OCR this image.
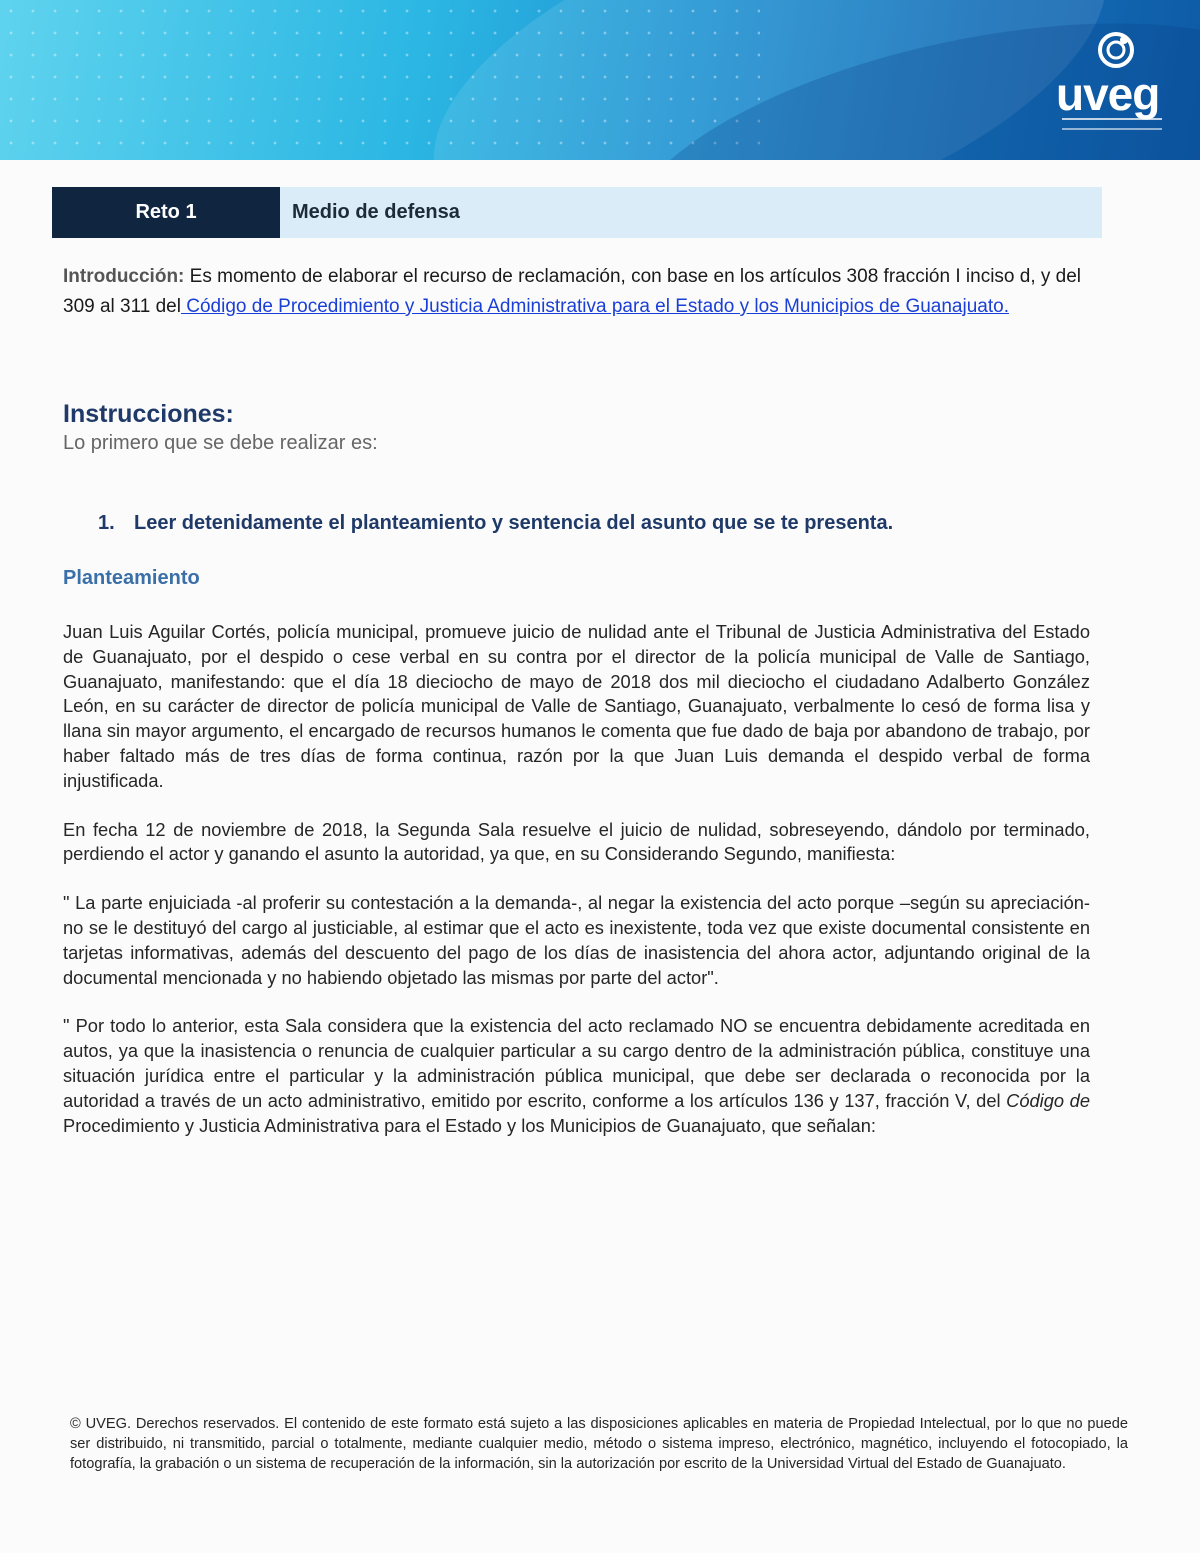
uveg
Reto 1	Medio de defensa

Introducción: Es momento de elaborar el recurso de reclamación, con base en los artículos 308 fracción I inciso d, y del 309 al 311 del Código de Procedimiento y Justicia Administrativa para el Estado y los Municipios de Guanajuato.

Instrucciones:
Lo primero que se debe realizar es:
1. Leer detenidamente el planteamiento y sentencia del asunto que se te presenta.
Planteamiento

Juan Luis Aguilar Cortés, policía municipal, promueve juicio de nulidad ante el Tribunal de Justicia Administrativa del Estado de Guanajuato, por el despido o cese verbal en su contra por el director de la policía municipal de Valle de Santiago, Guanajuato, manifestando: que el día 18 dieciocho de mayo de 2018 dos mil dieciocho el ciudadano Adalberto González León, en su carácter de director de policía municipal de Valle de Santiago, Guanajuato, verbalmente lo cesó de forma lisa y llana sin mayor argumento, el encargado de recursos humanos le comenta que fue dado de baja por abandono de trabajo, por haber faltado más de tres días de forma continua, razón por la que Juan Luis demanda el despido verbal de forma injustificada.

En fecha 12 de noviembre de 2018, la Segunda Sala resuelve el juicio de nulidad, sobreseyendo, dándolo por terminado, perdiendo el actor y ganando el asunto la autoridad, ya que, en su Considerando Segundo, manifiesta:

" La parte enjuiciada -al proferir su contestación a la demanda-, al negar la existencia del acto porque –según su apreciación- no se le destituyó del cargo al justiciable, al estimar que el acto es inexistente, toda vez que existe documental consistente en tarjetas informativas, además del descuento del pago de los días de inasistencia del ahora actor, adjuntando original de la documental mencionada y no habiendo objetado las mismas por parte del actor".

" Por todo lo anterior, esta Sala considera que la existencia del acto reclamado NO se encuentra debidamente acreditada en autos, ya que la inasistencia o renuncia de cualquier particular a su cargo dentro de la administración pública, constituye una situación jurídica entre el particular y la administración pública municipal, que debe ser declarada o reconocida por la autoridad a través de un acto administrativo, emitido por escrito, conforme a los artículos 136 y 137, fracción V, del Código de Procedimiento y Justicia Administrativa para el Estado y los Municipios de Guanajuato, que señalan:

© UVEG. Derechos reservados. El contenido de este formato está sujeto a las disposiciones aplicables en materia de Propiedad Intelectual, por lo que no puede ser distribuido, ni transmitido, parcial o totalmente, mediante cualquier medio, método o sistema impreso, electrónico, magnético, incluyendo el fotocopiado, la fotografía, la grabación o un sistema de recuperación de la información, sin la autorización por escrito de la Universidad Virtual del Estado de Guanajuato.
